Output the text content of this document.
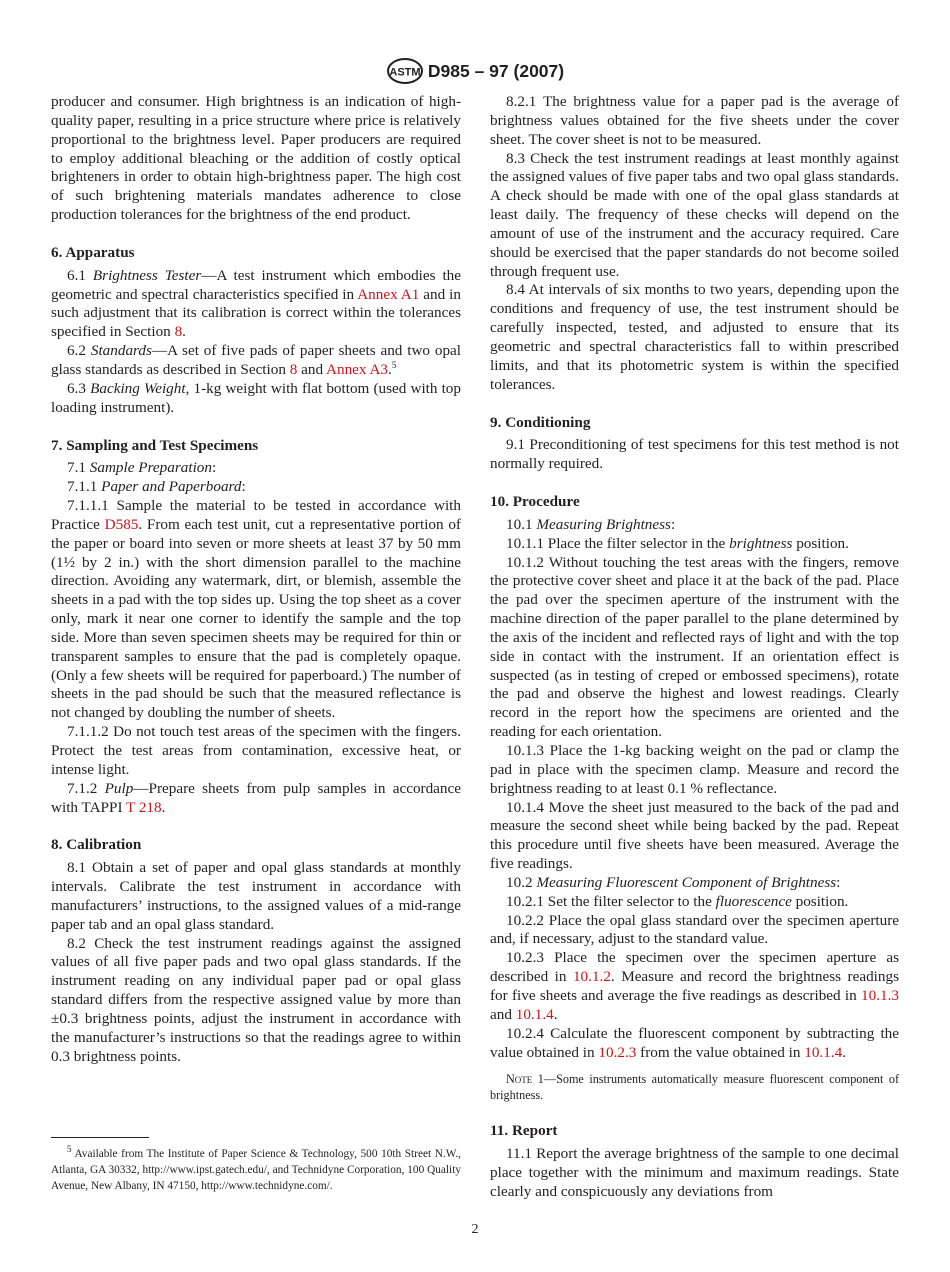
ASTM D985 – 97 (2007)

producer and consumer. High brightness is an indication of high-quality paper, resulting in a price structure where price is relatively proportional to the brightness level. Paper producers are required to employ additional bleaching or the addition of costly optical brighteners in order to obtain high-brightness paper. The high cost of such brightening materials mandates adherence to close production tolerances for the brightness of the end product.

6. Apparatus

6.1 Brightness Tester—A test instrument which embodies the geometric and spectral characteristics specified in Annex A1 and in such adjustment that its calibration is correct within the tolerances specified in Section 8.

6.2 Standards—A set of five pads of paper sheets and two opal glass standards as described in Section 8 and Annex A3.$^5$

6.3 Backing Weight, 1-kg weight with flat bottom (used with top loading instrument).

7. Sampling and Test Specimens

7.1 Sample Preparation:

7.1.1 Paper and Paperboard:

7.1.1.1 Sample the material to be tested in accordance with Practice D585. From each test unit, cut a representative portion of the paper or board into seven or more sheets at least 37 by 50 mm (1½ by 2 in.) with the short dimension parallel to the machine direction. Avoiding any watermark, dirt, or blemish, assemble the sheets in a pad with the top sides up. Using the top sheet as a cover only, mark it near one corner to identify the sample and the top side. More than seven specimen sheets may be required for thin or transparent samples to ensure that the pad is completely opaque. (Only a few sheets will be required for paperboard.) The number of sheets in the pad should be such that the measured reflectance is not changed by doubling the number of sheets.

7.1.1.2 Do not touch test areas of the specimen with the fingers. Protect the test areas from contamination, excessive heat, or intense light.

7.1.2 Pulp—Prepare sheets from pulp samples in accordance with TAPPI T 218.

8. Calibration

8.1 Obtain a set of paper and opal glass standards at monthly intervals. Calibrate the test instrument in accordance with manufacturers’ instructions, to the assigned values of a mid-range paper tab and an opal glass standard.

8.2 Check the test instrument readings against the assigned values of all five paper pads and two opal glass standards. If the instrument reading on any individual paper pad or opal glass standard differs from the respective assigned value by more than ±0.3 brightness points, adjust the instrument in accordance with the manufacturer’s instructions so that the readings agree to within 0.3 brightness points.

$^5$ Available from The Institute of Paper Science & Technology, 500 10th Street N.W., Atlanta, GA 30332, http://www.ipst.gatech.edu/, and Technidyne Corporation, 100 Quality Avenue, New Albany, IN 47150, http://www.technidyne.com/.

8.2.1 The brightness value for a paper pad is the average of brightness values obtained for the five sheets under the cover sheet. The cover sheet is not to be measured.

8.3 Check the test instrument readings at least monthly against the assigned values of five paper tabs and two opal glass standards. A check should be made with one of the opal glass standards at least daily. The frequency of these checks will depend on the amount of use of the instrument and the accuracy required. Care should be exercised that the paper standards do not become soiled through frequent use.

8.4 At intervals of six months to two years, depending upon the conditions and frequency of use, the test instrument should be carefully inspected, tested, and adjusted to ensure that its geometric and spectral characteristics fall to within prescribed limits, and that its photometric system is within the specified tolerances.

9. Conditioning

9.1 Preconditioning of test specimens for this test method is not normally required.

10. Procedure

10.1 Measuring Brightness:

10.1.1 Place the filter selector in the brightness position.

10.1.2 Without touching the test areas with the fingers, remove the protective cover sheet and place it at the back of the pad. Place the pad over the specimen aperture of the instrument with the machine direction of the paper parallel to the plane determined by the axis of the incident and reflected rays of light and with the top side in contact with the instrument. If an orientation effect is suspected (as in testing of creped or embossed specimens), rotate the pad and observe the highest and lowest readings. Clearly record in the report how the specimens are oriented and the reading for each orientation.

10.1.3 Place the 1-kg backing weight on the pad or clamp the pad in place with the specimen clamp. Measure and record the brightness reading to at least 0.1 % reflectance.

10.1.4 Move the sheet just measured to the back of the pad and measure the second sheet while being backed by the pad. Repeat this procedure until five sheets have been measured. Average the five readings.

10.2 Measuring Fluorescent Component of Brightness:

10.2.1 Set the filter selector to the fluorescence position.

10.2.2 Place the opal glass standard over the specimen aperture and, if necessary, adjust to the standard value.

10.2.3 Place the specimen over the specimen aperture as described in 10.1.2. Measure and record the brightness readings for five sheets and average the five readings as described in 10.1.3 and 10.1.4.

10.2.4 Calculate the fluorescent component by subtracting the value obtained in 10.2.3 from the value obtained in 10.1.4.

Note 1—Some instruments automatically measure fluorescent component of brightness.

11. Report

11.1 Report the average brightness of the sample to one decimal place together with the minimum and maximum readings. State clearly and conspicuously any deviations from

2
